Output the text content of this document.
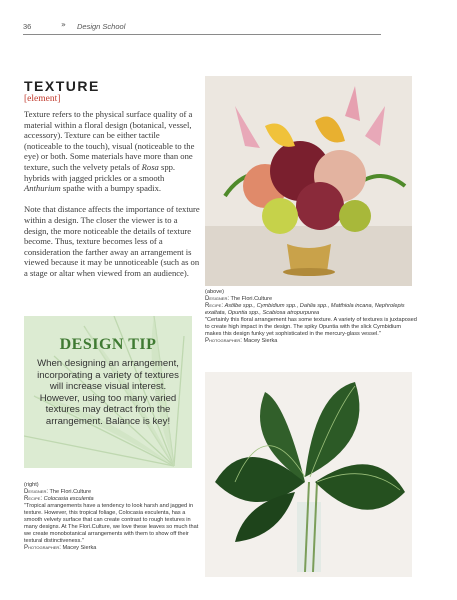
36	» Design School
TEXTURE
[element]

Texture refers to the physical surface quality of a material within a floral design (botanical, vessel, accessory). Texture can be either tactile (noticeable to the touch), visual (noticeable to the eye) or both. Some materials have more than one texture, such the velvety petals of Rosa spp. hybrids with jagged prickles or a smooth Anthurium spathe with a bumpy spadix.

Note that distance affects the importance of texture within a design. The closer the viewer is to a design, the more noticeable the details of texture become. Thus, texture becomes less of a consideration the farther away an arrangement is viewed because it may be unnoticeable (such as on a stage or altar when viewed from an audience).

DESIGN TIP
When designing an arrangement, incorporating a variety of textures will increase visual interest. However, using too many varied textures may detract from the arrangement. Balance is key!
(above)
Designer: The Flori.Culture
Recipe: Astilbe spp., Cymbidium spp., Dahlia spp., Matthiola incana, Nephrolepis exaltata, Opuntia spp., Scabiosa atropurpurea
"Certainly this floral arrangement has some texture. A variety of textures is juxtaposed to create high impact in the design. The spiky Opuntia with the slick Cymbidium makes this design funky yet sophisticated in the mercury-glass vessel."
Photographer: Macey Sierka
(right)
Designer: The Flori.Culture
Recipe: Colocasia esculenta
"Tropical arrangements have a tendency to look harsh and jagged in texture. However, this tropical foliage, Colocasia esculenta, has a smooth velvety surface that can create contrast to rough textures in many designs. At The Flori.Culture, we love these leaves so much that we create monobotanical arrangements with them to show off their textural distinctiveness."
Photographer: Macey Sierka
